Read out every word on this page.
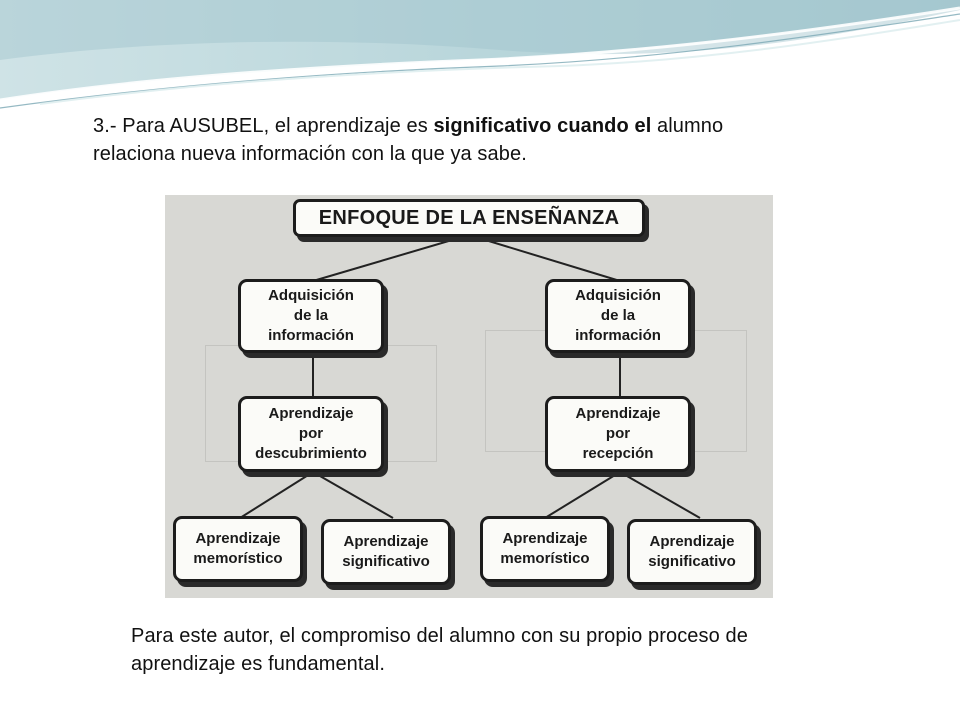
3.- Para AUSUBEL, el aprendizaje es significativo cuando el alumno relaciona nueva información con la que ya sabe.
ENFOQUE DE LA ENSEÑANZA
Adquisición
de la
información
Adquisición
de la
información
Aprendizaje
por
descubrimiento
Aprendizaje
por
recepción
Aprendizaje
memorístico
Aprendizaje
significativo
Aprendizaje
memorístico
Aprendizaje
significativo
Para este autor, el compromiso del alumno con su propio proceso de aprendizaje es fundamental.
